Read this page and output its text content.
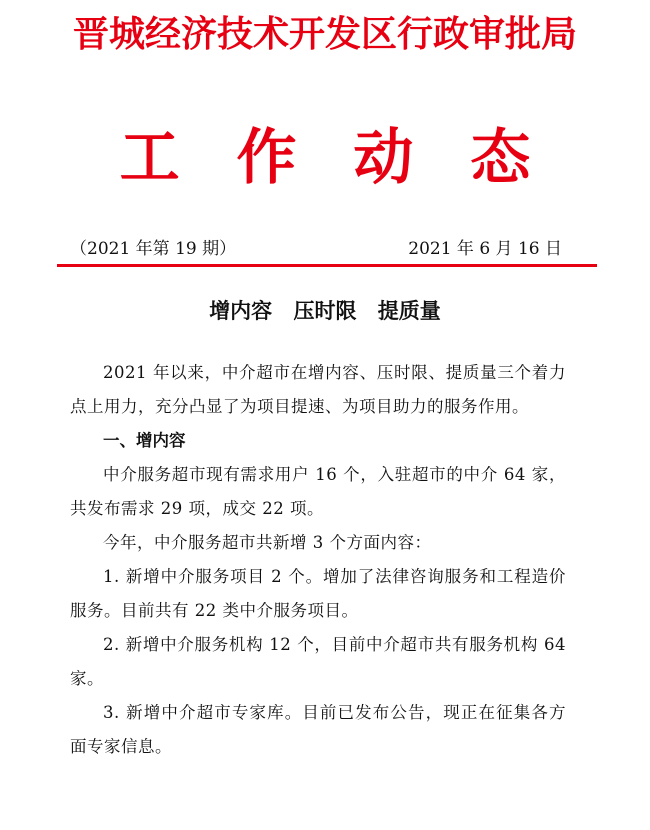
晋城经济技术开发区行政审批局
工 作 动 态
（2021 年第 19 期）	2021 年 6 月 16 日
增内容 压时限 提质量

2021 年以来，中介超市在增内容、压时限、提质量三个着力点上用力，充分凸显了为项目提速、为项目助力的服务作用。

一、增内容

中介服务超市现有需求用户 16 个，入驻超市的中介 64 家，共发布需求 29 项，成交 22 项。

今年，中介服务超市共新增 3 个方面内容：

1. 新增中介服务项目 2 个。增加了法律咨询服务和工程造价服务。目前共有 22 类中介服务项目。

2. 新增中介服务机构 12 个，目前中介超市共有服务机构 64 家。

3. 新增中介超市专家库。目前已发布公告，现正在征集各方面专家信息。
